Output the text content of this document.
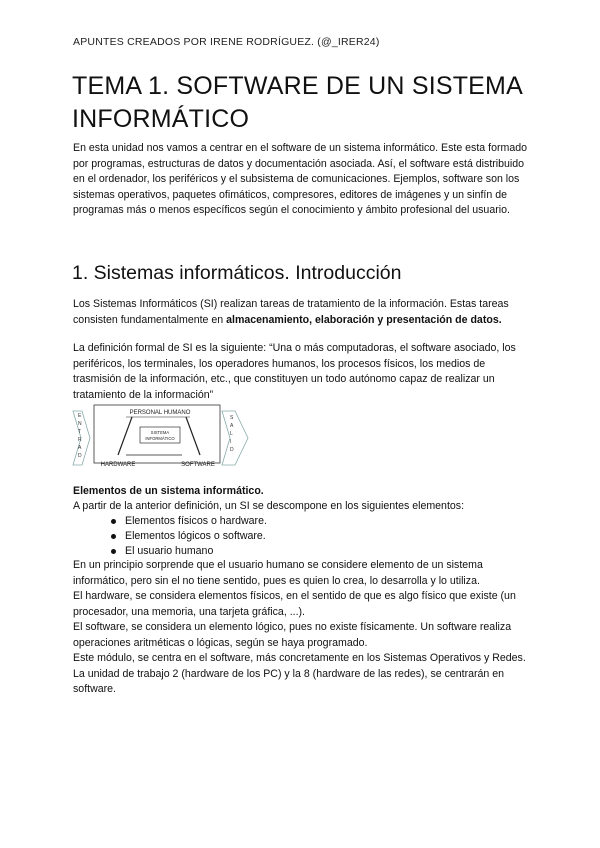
APUNTES CREADOS POR IRENE RODRÍGUEZ. (@_IRER24)
TEMA 1. SOFTWARE DE UN SISTEMA
INFORMÁTICO

En esta unidad nos vamos a centrar en el software de un sistema informático. Este esta formado por programas, estructuras de datos y documentación asociada. Así, el software está distribuido en el ordenador, los periféricos y el subsistema de comunicaciones. Ejemplos, software son los sistemas operativos, paquetes ofimáticos, compresores, editores de imágenes y un sinfín de programas más o menos específicos según el conocimiento y ámbito profesional del usuario.

1. Sistemas informáticos. Introducción

Los Sistemas Informáticos (SI) realizan tareas de tratamiento de la información. Estas tareas consisten fundamentalmente en almacenamiento, elaboración y presentación de datos.

La definición formal de SI es la siguiente: “Una o más computadoras, el software asociado, los periféricos, los terminales, los operadores humanos, los procesos físicos, los medios de trasmisión de la información, etc., que constituyen un todo autónomo capaz de realizar un tratamiento de la información”

E N T R A D
S A L I D
PERSONAL HUMANO
SISTEMA
INFORMÁTICO
HARDWARE	SOFTWARE
Elementos de un sistema informático.

A partir de la anterior definición, un SI se descompone en los siguientes elementos:

Elementos físicos o hardware.
Elementos lógicos o software.
El usuario humano

En un principio sorprende que el usuario humano se considere elemento de un sistema informático, pero sin el no tiene sentido, pues es quien lo crea, lo desarrolla y lo utiliza.

El hardware, se considera elementos físicos, en el sentido de que es algo físico que existe (un procesador, una memoria, una tarjeta gráfica, ...).

El software, se considera un elemento lógico, pues no existe físicamente. Un software realiza operaciones aritméticas o lógicas, según se haya programado.

Este módulo, se centra en el software, más concretamente en los Sistemas Operativos y Redes. La unidad de trabajo 2 (hardware de los PC) y la 8 (hardware de las redes), se centrarán en software.
